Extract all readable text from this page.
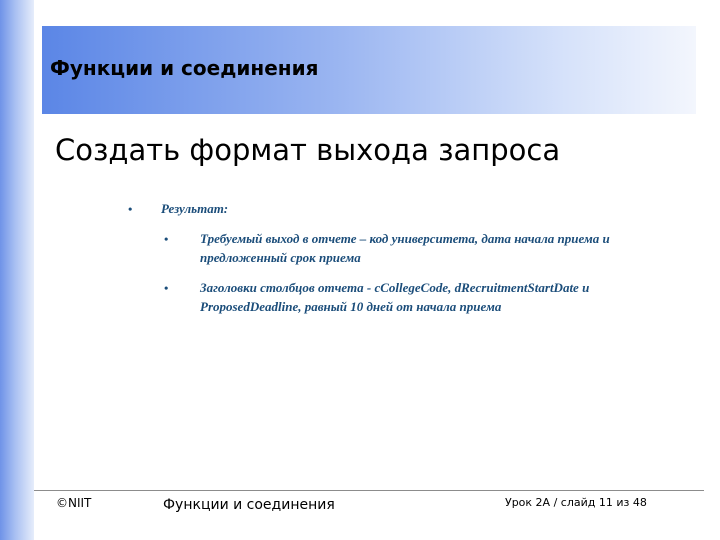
Функции и соединения
Создать формат выхода запроса
• Результат:
• Требуемый выход в отчете – код университета, дата начала приема и предложенный срок приема
• Заголовки столбцов отчета - cCollegeCode, dRecruitmentStartDate и ProposedDeadline, равный 10 дней от начала приема
©NIIT	Функции и соединения	Урок 2A / слайд 11 из 48
